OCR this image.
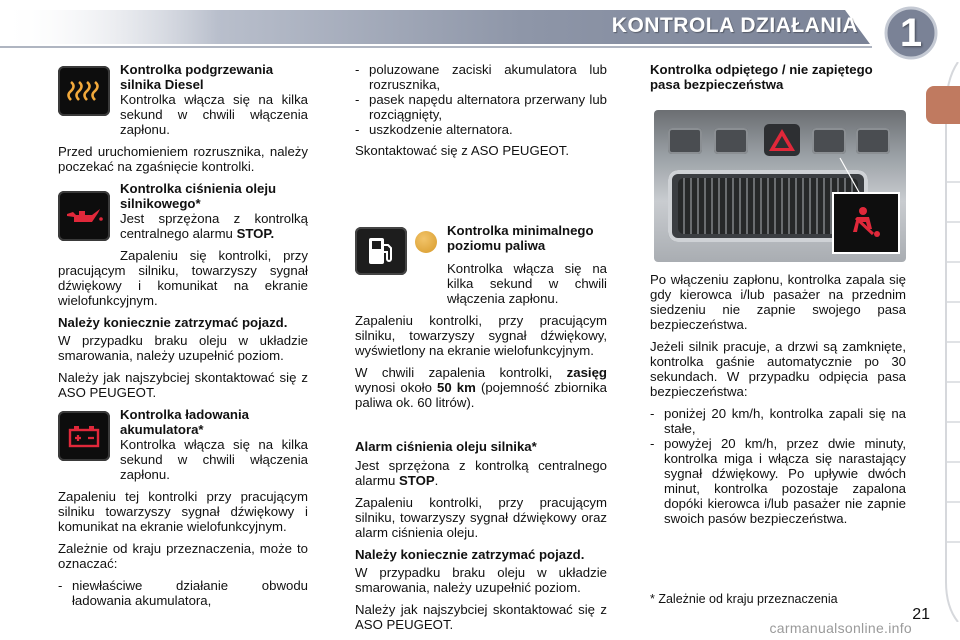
KONTROLA DZIAŁANIA	1
Kontrolka podgrzewania silnika Diesel
Kontrolka włącza się na kilka sekund w chwili włączenia zapłonu.
Przed uruchomieniem rozrusznika, należy poczekać na zgaśnięcie kontrolki.
Kontrolka ciśnienia oleju silnikowego*
Jest sprzężona z kontrolką centralnego alarmu STOP.
Zapaleniu się kontrolki, przy pracującym silniku, towarzyszy sygnał dźwiękowy i komunikat na ekranie wielofunkcyjnym.
Należy koniecznie zatrzymać pojazd.
W przypadku braku oleju w układzie smarowania, należy uzupełnić poziom.
Należy jak najszybciej skontaktować się z ASO PEUGEOT.
Kontrolka ładowania akumulatora*
Kontrolka włącza się na kilka sekund w chwili włączenia zapłonu.
Zapaleniu tej kontrolki przy pracującym silniku towarzyszy sygnał dźwiękowy i komunikat na ekranie wielofunkcyjnym.
Zależnie od kraju przeznaczenia, może to oznaczać:
- niewłaściwe działanie obwodu ładowania akumulatora,
- poluzowane zaciski akumulatora lub rozrusznika,
- pasek napędu alternatora przerwany lub rozciągnięty,
- uszkodzenie alternatora.
Skontaktować się z ASO PEUGEOT.
Kontrolka minimalnego poziomu paliwa
Kontrolka włącza się na kilka sekund w chwili włączenia zapłonu.
Zapaleniu kontrolki, przy pracującym silniku, towarzyszy sygnał dźwiękowy, wyświetlony na ekranie wielofunkcyjnym.
W chwili zapalenia kontrolki, zasięg wynosi około 50 km (pojemność zbiornika paliwa ok. 60 litrów).
Alarm ciśnienia oleju silnika*
Jest sprzężona z kontrolką centralnego alarmu STOP.
Zapaleniu kontrolki, przy pracującym silniku, towarzyszy sygnał dźwiękowy oraz alarm ciśnienia oleju.
Należy koniecznie zatrzymać pojazd.
W przypadku braku oleju w układzie smarowania, należy uzupełnić poziom.
Należy jak najszybciej skontaktować się z ASO PEUGEOT.
Kontrolka odpiętego / nie zapiętego pasa bezpieczeństwa
Po włączeniu zapłonu, kontrolka zapala się gdy kierowca i/lub pasażer na przednim siedzeniu nie zapnie swojego pasa bezpieczeństwa.
Jeżeli silnik pracuje, a drzwi są zamknięte, kontrolka gaśnie automatycznie po 30 sekundach. W przypadku odpięcia pasa bezpieczeństwa:
- poniżej 20 km/h, kontrolka zapali się na stałe,
- powyżej 20 km/h, przez dwie minuty, kontrolka miga i włącza się narastający sygnał dźwiękowy. Po upływie dwóch minut, kontrolka pozostaje zapalona dopóki kierowca i/lub pasażer nie zapnie swoich pasów bezpieczeństwa.
* Zależnie od kraju przeznaczenia
21
carmanualsonline.info
